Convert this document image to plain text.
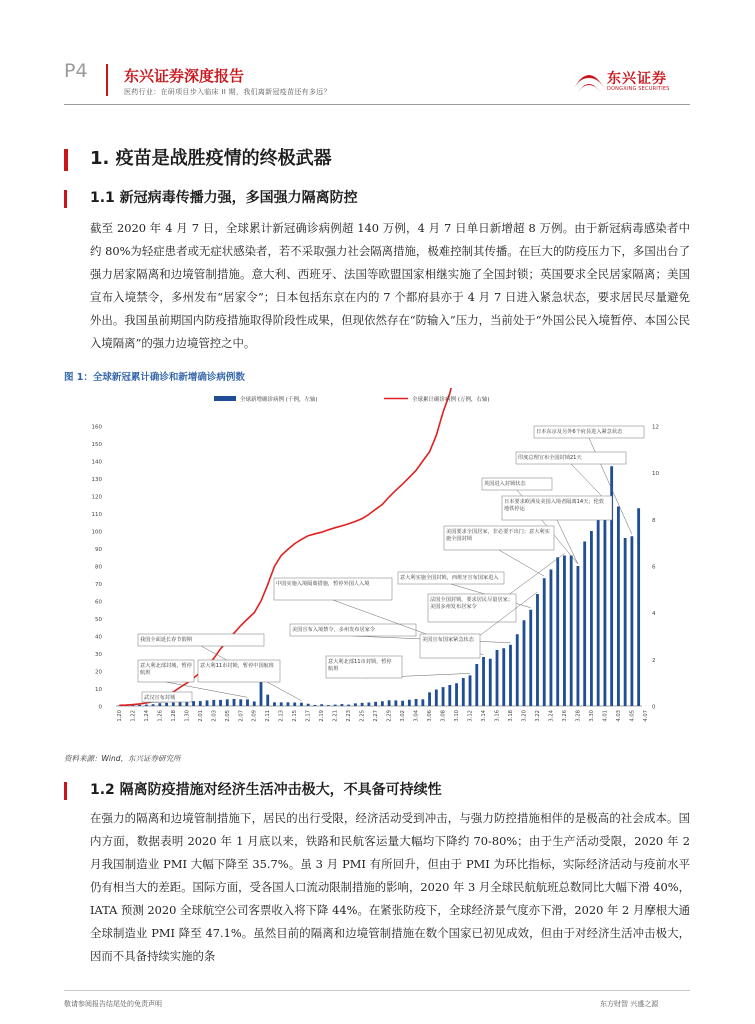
P4 东兴证券深度报告
医药行业：在研项目步入临床 II 期，我们离新冠疫苗还有多远？
东兴证券
DONGXING SECURITIES
1. 疫苗是战胜疫情的终极武器
1.1 新冠病毒传播力强，多国强力隔离防控

截至 2020 年 4 月 7 日，全球累计新冠确诊病例超 140 万例，4 月 7 日单日新增超 8 万例。由于新冠病毒感染者中约 80%为轻症患者或无症状感染者，若不采取强力社会隔离措施，极难控制其传播。在巨大的防疫压力下，多国出台了强力居家隔离和边境管制措施。意大利、西班牙、法国等欧盟国家相继实施了全国封锁；英国要求全民居家隔离；美国宣布入境禁令，多州发布“居家令”；日本包括东京在内的 7 个都府县亦于 4 月 7 日进入紧急状态，要求居民尽量避免外出。我国虽前期国内防疫措施取得阶段性成果，但现依然存在“防输入”压力，当前处于“外国公民入境暂停、本国公民入境隔离”的强力边境管控之中。

图 1：全球新冠累计确诊和新增确诊病例数
0
10
20
30
40
50
60
70
80
90
100
110
120
130
140
150
160
0
2
4
6
8
10
12
1.20 1.22 1.24 1.26 1.28 1.30 2.01 2.03 2.05 2.07 2.09 2.11 2.13 2.15 2.17 2.19 2.21 2.23 2.25 2.27 2.29 3.02 3.04 3.06 3.08 3.10 3.12 3.14 3.16 3.18 3.20 3.22 3.24 3.26 3.28 3.30 4.01 4.03 4.05 4.07
全球新增确诊病例 (千例，左轴)	全球累计确诊病例 (万例，右轴)
日本东京及另外6个府县进入紧急状态
印度总理宣布全国封锁21天
英国进入封锁状态
日本要求欧洲及美国入境者隔离14天；伦敦地铁停运
美国要求全国居家，非必要不出门；意大利实施全国封锁
意大利实施全国封锁，西班牙宣布国家进入
法国全国封锁，要求居民尽量居家；美国多州发布居家令
美国宣布入境禁令，多州发布居家令
中国实施入境隔离措施，暂停外国人入境
美国宣布国家紧急状态
意大利北部11市封锁，暂停航班
我国全面延长春节假期
意大利11市封锁，暂停中国航班
意大利北部封城，暂停航班
武汉宣布封城
资料来源：Wind，东兴证券研究所
1.2 隔离防疫措施对经济生活冲击极大，不具备可持续性

在强力的隔离和边境管制措施下，居民的出行受限，经济活动受到冲击，与强力防控措施相伴的是极高的社会成本。国内方面，数据表明 2020 年 1 月底以来，铁路和民航客运量大幅均下降约 70-80%；由于生产活动受限，2020 年 2 月我国制造业 PMI 大幅下降至 35.7%。虽 3 月 PMI 有所回升，但由于 PMI 为环比指标，实际经济活动与疫前水平仍有相当大的差距。国际方面，受各国人口流动限制措施的影响，2020 年 3 月全球民航航班总数同比大幅下滑 40%，IATA 预测 2020 全球航空公司客票收入将下降 44%。在紧张防疫下，全球经济景气度亦下滑，2020 年 2 月摩根大通全球制造业 PMI 降至 47.1%。虽然目前的隔离和边境管制措施在数个国家已初见成效，但由于对经济生活冲击极大，因而不具备持续实施的条

敬请参阅报告结尾处的免责声明	东方财智 兴盛之源
